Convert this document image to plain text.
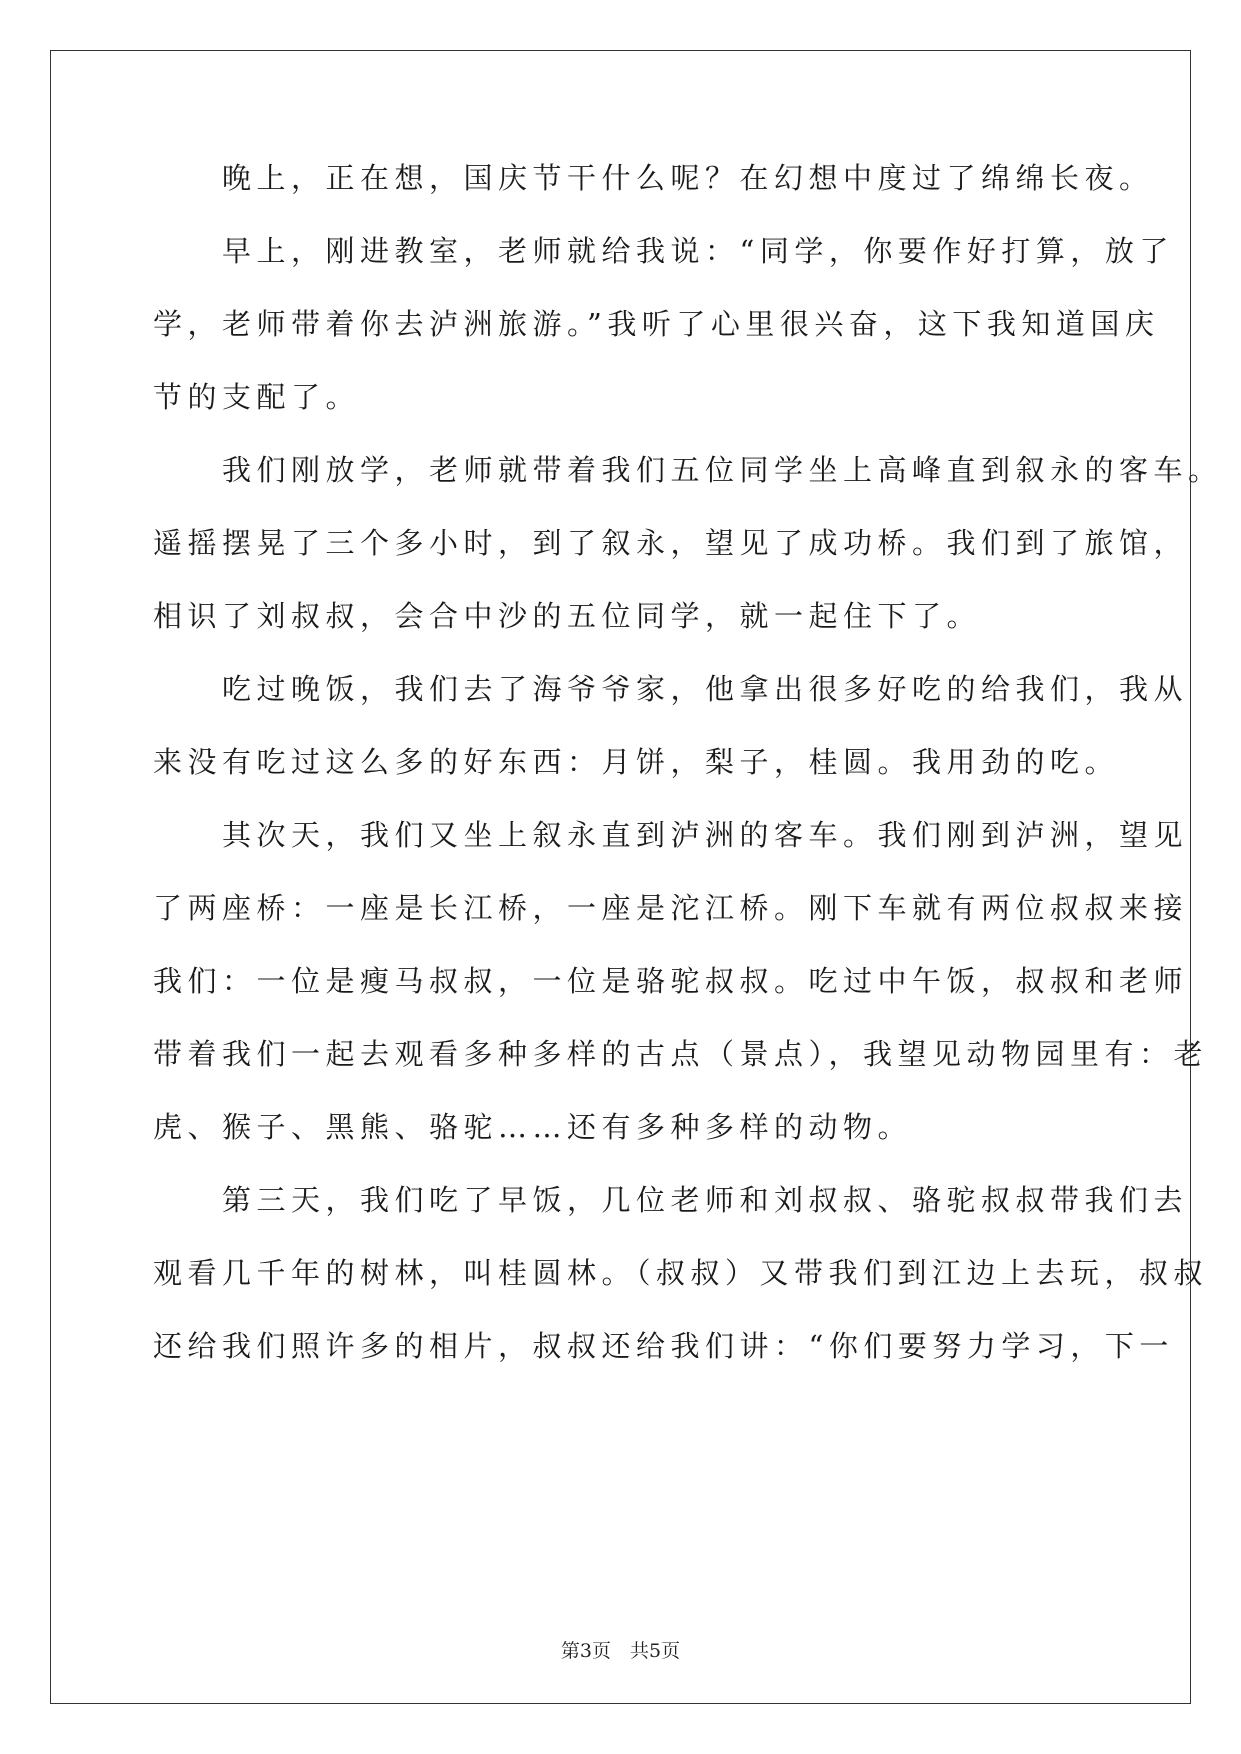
　　晚上，正在想，国庆节干什么呢？在幻想中度过了绵绵长夜。
　　早上，刚进教室，老师就给我说：“同学，你要作好打算，放了
学，老师带着你去泸洲旅游。”我听了心里很兴奋，这下我知道国庆
节的支配了。
　　我们刚放学，老师就带着我们五位同学坐上高峰直到叙永的客车。
遥摇摆晃了三个多小时，到了叙永，望见了成功桥。我们到了旅馆，
相识了刘叔叔，会合中沙的五位同学，就一起住下了。
　　吃过晚饭，我们去了海爷爷家，他拿出很多好吃的给我们，我从
来没有吃过这么多的好东西：月饼，梨子，桂圆。我用劲的吃。
　　其次天，我们又坐上叙永直到泸洲的客车。我们刚到泸洲，望见
了两座桥：一座是长江桥，一座是沱江桥。刚下车就有两位叔叔来接
我们：一位是瘦马叔叔，一位是骆驼叔叔。吃过中午饭，叔叔和老师
带着我们一起去观看多种多样的古点（景点），我望见动物园里有：老
虎、猴子、黑熊、骆驼……还有多种多样的动物。
　　第三天，我们吃了早饭，几位老师和刘叔叔、骆驼叔叔带我们去
观看几千年的树林，叫桂圆林。（叔叔）又带我们到江边上去玩，叔叔
还给我们照许多的相片，叔叔还给我们讲：“你们要努力学习，下一
第3页　共5页
